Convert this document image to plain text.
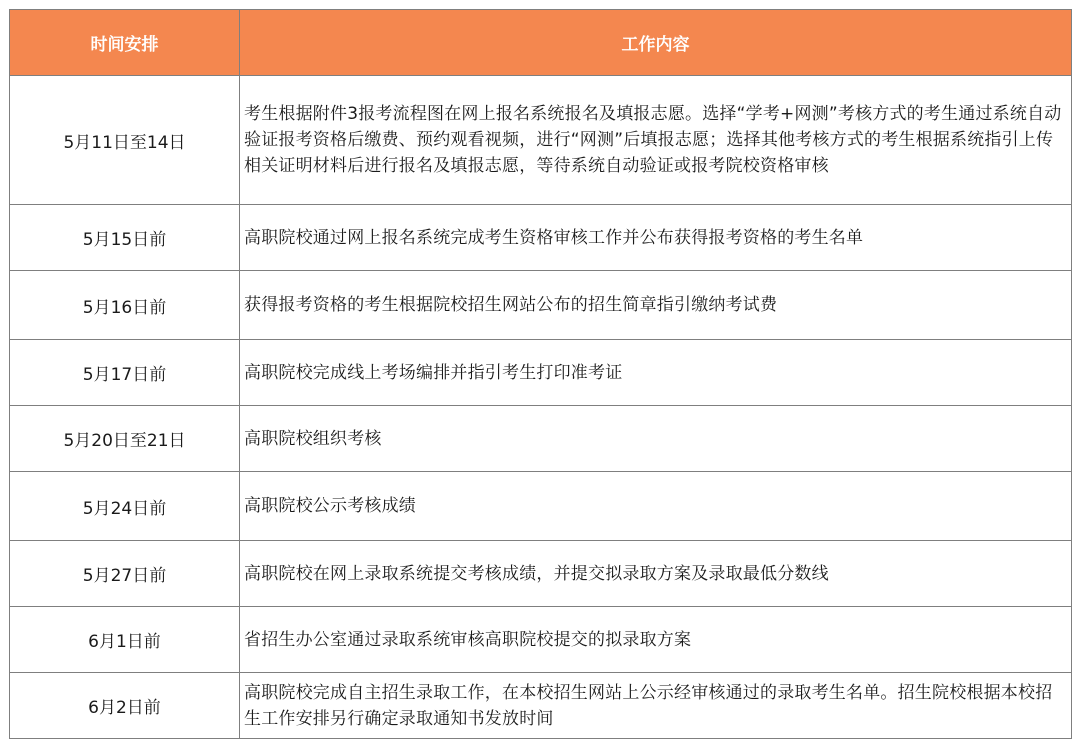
时间安排	工作内容
5月11日至14日	考生根据附件3报考流程图在网上报名系统报名及填报志愿。选择“学考+网测”考核方式的考生通过系统自动验证报考资格后缴费、预约观看视频，进行“网测”后填报志愿；选择其他考核方式的考生根据系统指引上传相关证明材料后进行报名及填报志愿，等待系统自动验证或报考院校资格审核
5月15日前	高职院校通过网上报名系统完成考生资格审核工作并公布获得报考资格的考生名单
5月16日前	获得报考资格的考生根据院校招生网站公布的招生简章指引缴纳考试费
5月17日前	高职院校完成线上考场编排并指引考生打印准考证
5月20日至21日	高职院校组织考核
5月24日前	高职院校公示考核成绩
5月27日前	高职院校在网上录取系统提交考核成绩，并提交拟录取方案及录取最低分数线
6月1日前	省招生办公室通过录取系统审核高职院校提交的拟录取方案
6月2日前	高职院校完成自主招生录取工作，在本校招生网站上公示经审核通过的录取考生名单。招生院校根据本校招生工作安排另行确定录取通知书发放时间
